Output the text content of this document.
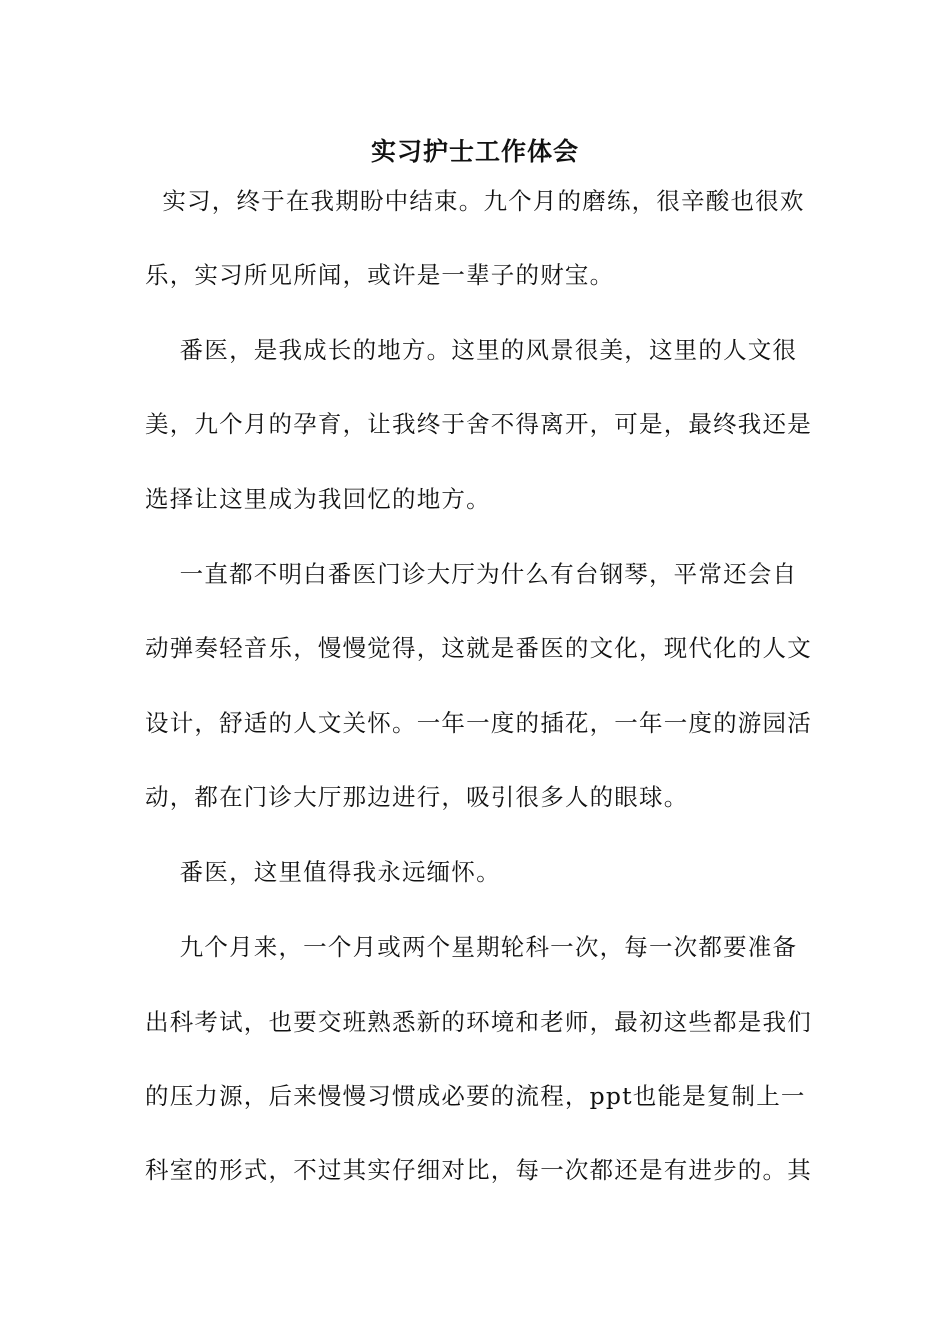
实习护士工作体会
实习，终于在我期盼中结束。九个月的磨练，很辛酸也很欢
乐，实习所见所闻，或许是一辈子的财宝。
番医，是我成长的地方。这里的风景很美，这里的人文很
美，九个月的孕育，让我终于舍不得离开，可是，最终我还是
选择让这里成为我回忆的地方。
一直都不明白番医门诊大厅为什么有台钢琴，平常还会自
动弹奏轻音乐，慢慢觉得，这就是番医的文化，现代化的人文
设计，舒适的人文关怀。一年一度的插花，一年一度的游园活
动，都在门诊大厅那边进行，吸引很多人的眼球。
番医，这里值得我永远缅怀。
九个月来，一个月或两个星期轮科一次，每一次都要准备
出科考试，也要交班熟悉新的环境和老师，最初这些都是我们
的压力源，后来慢慢习惯成必要的流程，ppt也能是复制上一
科室的形式，不过其实仔细对比，每一次都还是有进步的。其
